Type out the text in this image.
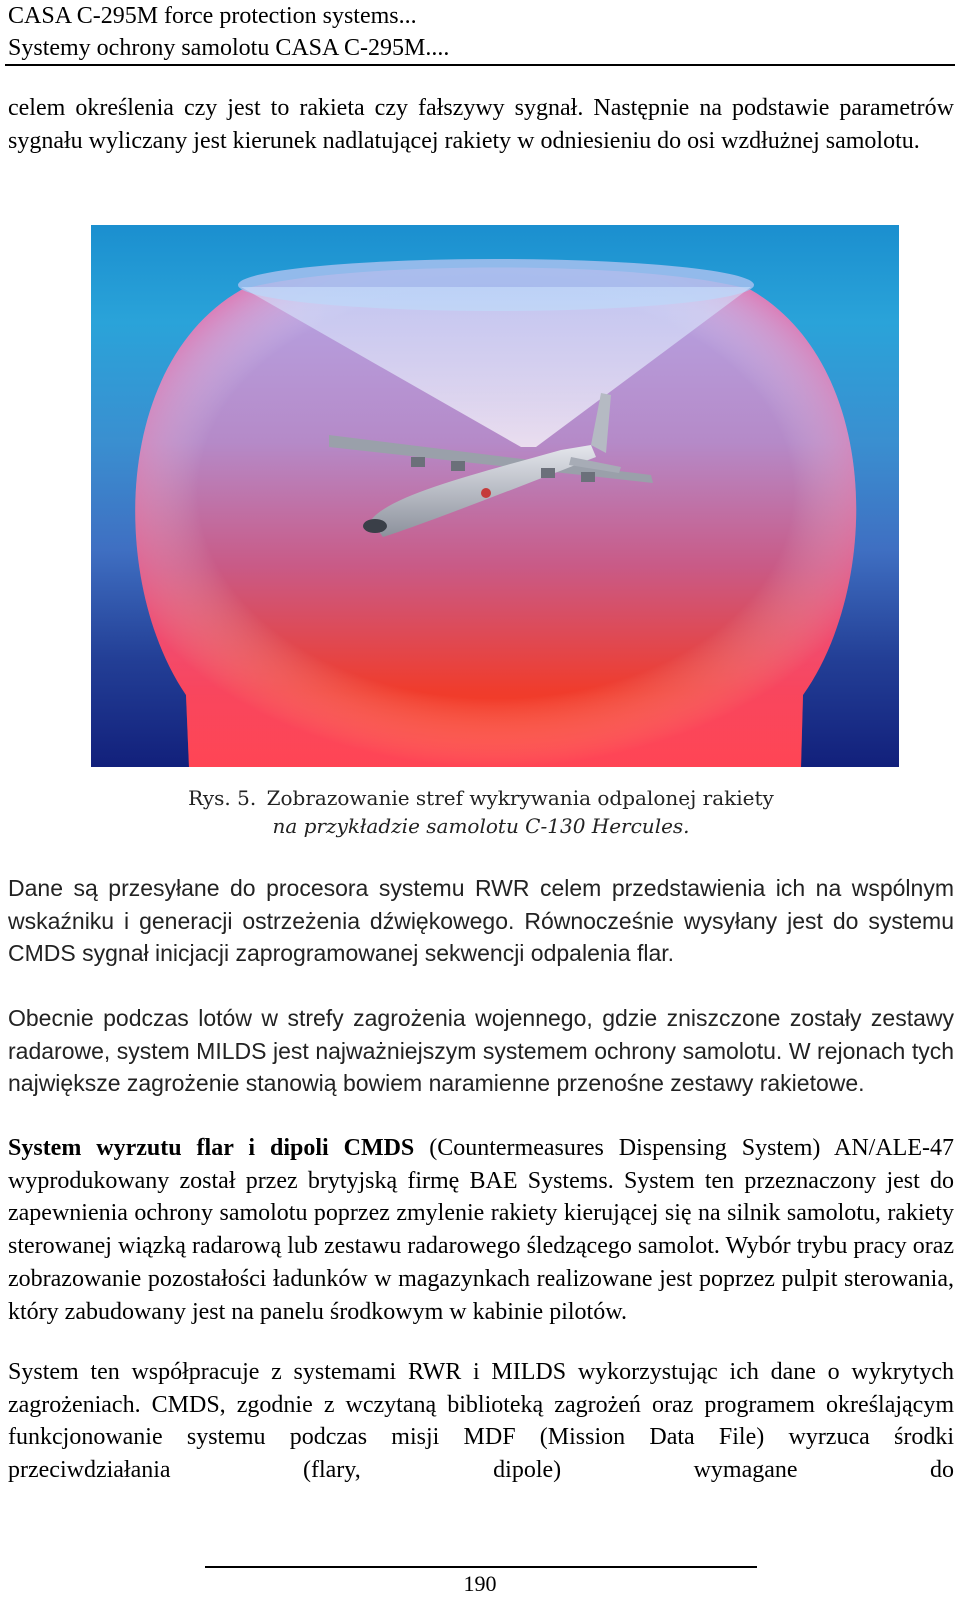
CASA C-295M force protection systems...
Systemy ochrony samolotu CASA C-295M....
celem określenia czy jest to rakieta czy fałszywy sygnał. Następnie na podstawie parametrów sygnału wyliczany jest kierunek nadlatującej rakiety w odniesieniu do osi wzdłużnej samolotu.
Rys. 5. Zobrazowanie stref wykrywania odpalonej rakiety
na przykładzie samolotu C-130 Hercules.
Dane są przesyłane do procesora systemu RWR celem przedstawienia ich na wspólnym wskaźniku i generacji ostrzeżenia dźwiękowego. Równocześnie wysyłany jest do systemu CMDS sygnał inicjacji zaprogramowanej sekwencji odpalenia flar.
Obecnie podczas lotów w strefy zagrożenia wojennego, gdzie zniszczone zostały zestawy radarowe, system MILDS jest najważniejszym systemem ochrony samolotu. W rejonach tych największe zagrożenie stanowią bowiem naramienne przenośne zestawy rakietowe.
System wyrzutu flar i dipoli CMDS (Countermeasures Dispensing System) AN/ALE-47 wyprodukowany został przez brytyjską firmę BAE Systems. System ten przeznaczony jest do zapewnienia ochrony samolotu poprzez zmylenie rakiety kierującej się na silnik samolotu, rakiety sterowanej wiązką radarową lub zestawu radarowego śledzącego samolot. Wybór trybu pracy oraz zobrazowanie pozostałości ładunków w magazynkach realizowane jest poprzez pulpit sterowania, który zabudowany jest na panelu środkowym w kabinie pilotów.
System ten współpracuje z systemami RWR i MILDS wykorzystując ich dane o wykrytych zagrożeniach. CMDS, zgodnie z wczytaną biblioteką zagrożeń oraz programem określającym funkcjonowanie systemu podczas misji MDF (Mission Data File) wyrzuca środki przeciwdziałania (flary, dipole) wymagane do
190
